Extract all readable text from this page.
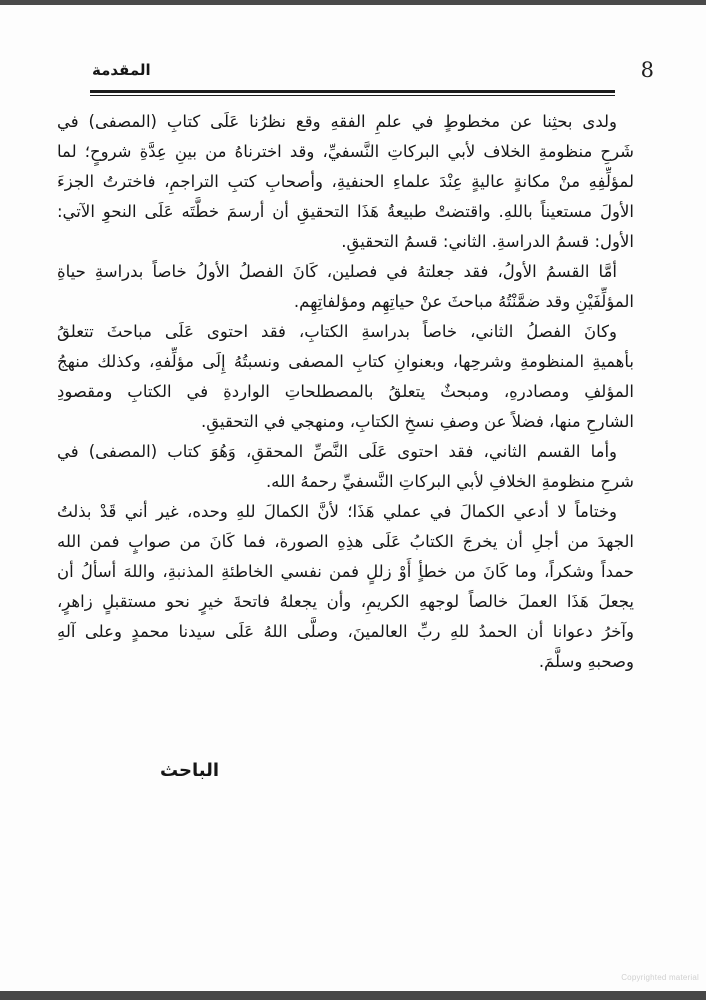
المقدمة	8
ولدى بحثِنا عن مخطوطٍ في علمِ الفقهِ وقع نظرُنا عَلَى كتابِ (المصفى) في
شَرحِ منظومةِ الخلاف لأبي البركاتِ النَّسفيِّ، وقد اخترناهُ من بينِ عِدَّةِ شروحٍ؛ لما
لمؤلِّفِهِ منْ مكانةٍ عاليةٍ عِنْدَ علماءِ الحنفيةِ، وأصحابِ كتبِ التراجمِ، فاخترتُ الجزءَ
الأولَ مستعيناً باللهِ. واقتضتْ طبيعةُ هَذَا التحقيقِ أن أرسمَ خطَّتَه عَلَى النحوِ الآتي:
الأول: قسمُ الدراسةِ. الثاني: قسمُ التحقيقِ.
أمَّا القسمُ الأولُ، فقد جعلتهُ في فصلين، كَانَ الفصلُ الأولُ خاصاً بدراسةِ حياةِ
المؤلِّفَيْنِ وقد ضمَّنْتُهُ مباحثَ عنْ حياتِهِم ومؤلفاتِهِم.
وكانَ الفصلُ الثاني، خاصاً بدراسةِ الكتابِ، فقد احتوى عَلَى مباحثَ تتعلقُ
بأهميةِ المنظومةِ وشرحِها، وبعنوانِ كتابِ المصفى ونسبتُهُ إِلَى مؤلِّفهِ، وكذلك منهجُ
المؤلفِ ومصادرهِ، ومبحثٌ يتعلقُ بالمصطلحاتِ الواردةِ في الكتابِ ومقصودِ
الشارحِ منها، فضلاً عن وصفِ نسخِ الكتابِ، ومنهجي في التحقيقِ.
وأما القسم الثاني، فقد احتوى عَلَى النَّصِّ المحققِ، وَهُوَ كتاب (المصفى) في
شرحِ منظومةِ الخلافِ لأبي البركاتِ النَّسفيِّ رحمهُ الله.
وختاماً لا أدعي الكمالَ في عملي هَذَا؛ لأنَّ الكمالَ للهِ وحده، غير أني قَدْ بذلتُ
الجهدَ من أجلِ أن يخرجَ الكتابُ عَلَى هذِهِ الصورة، فما كَانَ من صوابٍ فمن الله
حمداً وشكراً، وما كَانَ من خطأٍ أَوْ زللٍ فمن نفسي الخاطئةِ المذنبةِ، واللهَ أسألُ أن
يجعلَ هَذَا العملَ خالصاً لوجههِ الكريمِ، وأن يجعلهُ فاتحةَ خيرٍ نحو مستقبلٍ زاهرٍ،
وآخرُ دعوانا أن الحمدُ للهِ ربِّ العالمينَ، وصلَّى اللهُ عَلَى سيدنا محمدٍ وعلى آلهِ
وصحبهِ وسلَّمَ.
الباحث
Copyrighted material
